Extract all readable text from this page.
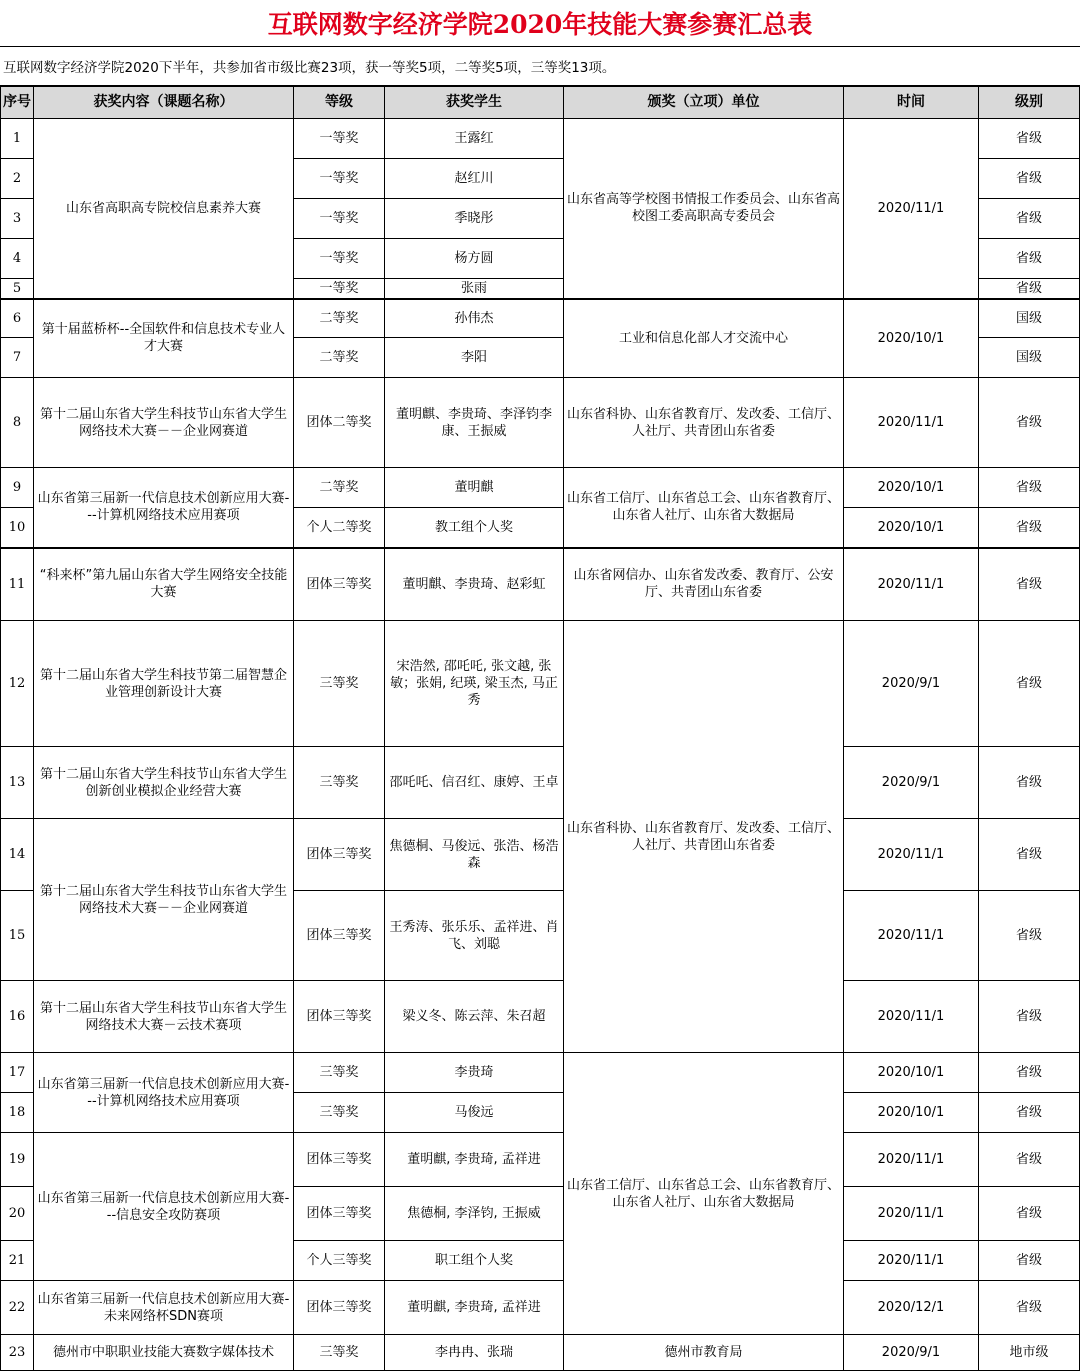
互联网数字经济学院2020年技能大赛参赛汇总表
互联网数字经济学院2020下半年，共参加省市级比赛23项，获一等奖5项，二等奖5项，三等奖13项。
序号	获奖内容（课题名称）	等级	获奖学生	颁奖（立项）单位	时间	级别
1	山东省高职高专院校信息素养大赛	一等奖	王露红	山东省高等学校图书情报工作委员会、山东省高校图工委高职高专委员会	2020/11/1	省级
2		一等奖	赵红川			省级
3		一等奖	季晓彤			省级
4		一等奖	杨方圆			省级
5		一等奖	张雨			省级
6	第十届蓝桥杯--全国软件和信息技术专业人才大赛	二等奖	孙伟杰	工业和信息化部人才交流中心	2020/10/1	国级
7		二等奖	李阳			国级
8	第十二届山东省大学生科技节山东省大学生网络技术大赛－－企业网赛道	团体二等奖	董明麒、李贵琦、李泽钧李康、王振威	山东省科协、山东省教育厅、发改委、工信厅、人社厅、共青团山东省委	2020/11/1	省级
9	山东省第三届新一代信息技术创新应用大赛---计算机网络技术应用赛项	二等奖	董明麒	山东省工信厅、山东省总工会、山东省教育厅、山东省人社厅、山东省大数据局	2020/10/1	省级
10		个人二等奖	教工组个人奖		2020/10/1	省级
11	“科来杯”第九届山东省大学生网络安全技能大赛	团体三等奖	董明麒、李贵琦、赵彩虹	山东省网信办、山东省发改委、教育厅、公安厅、共青团山东省委	2020/11/1	省级
12	第十二届山东省大学生科技节第二届智慧企业管理创新设计大赛	三等奖	宋浩然, 邵吒吒, 张文越, 张敏；张娟, 纪瑛, 梁玉杰, 马正秀	山东省科协、山东省教育厅、发改委、工信厅、人社厅、共青团山东省委	2020/9/1	省级
13	第十二届山东省大学生科技节山东省大学生创新创业模拟企业经营大赛	三等奖	邵吒吒、信召红、康婷、王卓		2020/9/1	省级
14	第十二届山东省大学生科技节山东省大学生网络技术大赛－－企业网赛道	团体三等奖	焦德桐、马俊远、张浩、杨浩森		2020/11/1	省级
15		团体三等奖	王秀涛、张乐乐、孟祥进、肖飞、刘聪		2020/11/1	省级
16	第十二届山东省大学生科技节山东省大学生网络技术大赛－云技术赛项	团体三等奖	梁义冬、陈云萍、朱召超		2020/11/1	省级
17	山东省第三届新一代信息技术创新应用大赛---计算机网络技术应用赛项	三等奖	李贵琦	山东省工信厅、山东省总工会、山东省教育厅、山东省人社厅、山东省大数据局	2020/10/1	省级
18		三等奖	马俊远		2020/10/1	省级
19	山东省第三届新一代信息技术创新应用大赛---信息安全攻防赛项	团体三等奖	董明麒, 李贵琦, 孟祥进		2020/11/1	省级
20		团体三等奖	焦德桐, 李泽钧, 王振威		2020/11/1	省级
21		个人三等奖	职工组个人奖		2020/11/1	省级
22	山东省第三届新一代信息技术创新应用大赛-未来网络杯SDN赛项	团体三等奖	董明麒, 李贵琦, 孟祥进		2020/12/1	省级
23	德州市中职职业技能大赛数字媒体技术	三等奖	李冉冉、张瑞	德州市教育局	2020/9/1	地市级
